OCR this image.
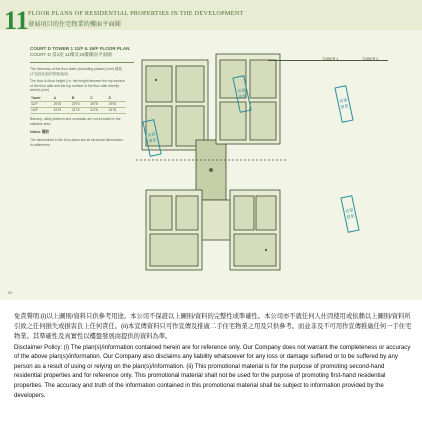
11 FLOOR PLANS OF RESIDENTIAL PROPERTIES IN THE DEVELOPMENT
發展項目的住宅物業的樓面平面圖
COURT D TOWER 1 11/F & 16/F FLOOR PLAN
COURT D 第1座 11樓及16樓樓面平面圖
The thickness of the floor slabs (excluding plaster) (mm) 樓板(不包括灰泥)的厚度(毫米)
The floor-to-floor height (i.e. the height between the top surface of the floor slab and the top surface of the floor slab directly above) (mm)
Tower	A	B	C	D
11/F	2975	2975	2975	2975
16/F	3175	3175	3175	3175
Balcony, utility platform and verandah are not included in the saleable area
Notes 備註
The dimensions in the floor plans are all structural dimensions in millimetres.
TOWER 1	TOWER 2
香港置業
香港置業
香港置業
香港置業
50

免責聲明:(i)以上圖則/資料只供參考用途。本公司不保證以上圖則/資料的完整性或準確性。本公司亦不就任何人仕因使用或依賴以上圖則/資料所引致之任何損失或損害負上任何責任。(ii)本宣傳資料只可作宣傳及推廣二手住宅物業之用及只供參考。而並非及不可用作宣傳推廣任何一手住宅物業。其準確性及真實性以樓盤發展商提供的資料為準。

Disclaimer Policy: (i) The plan(s)/information contained herein are for reference only. Our Company does not warrant the completeness or accuracy of the above plan(s)/information. Our Company also disclaims any liability whatsoever for any loss or damage suffered or to be suffered by any person as a result of using or relying on the plan(s)/information. (ii) This promotional material is for the purpose of promoting second-hand residential properties and for reference only. This promotional material shall not be used for the purpose of promoting first-hand residential properties. The accuracy and truth of the information contained in this promotional material shall be subject to information provided by the developers.
